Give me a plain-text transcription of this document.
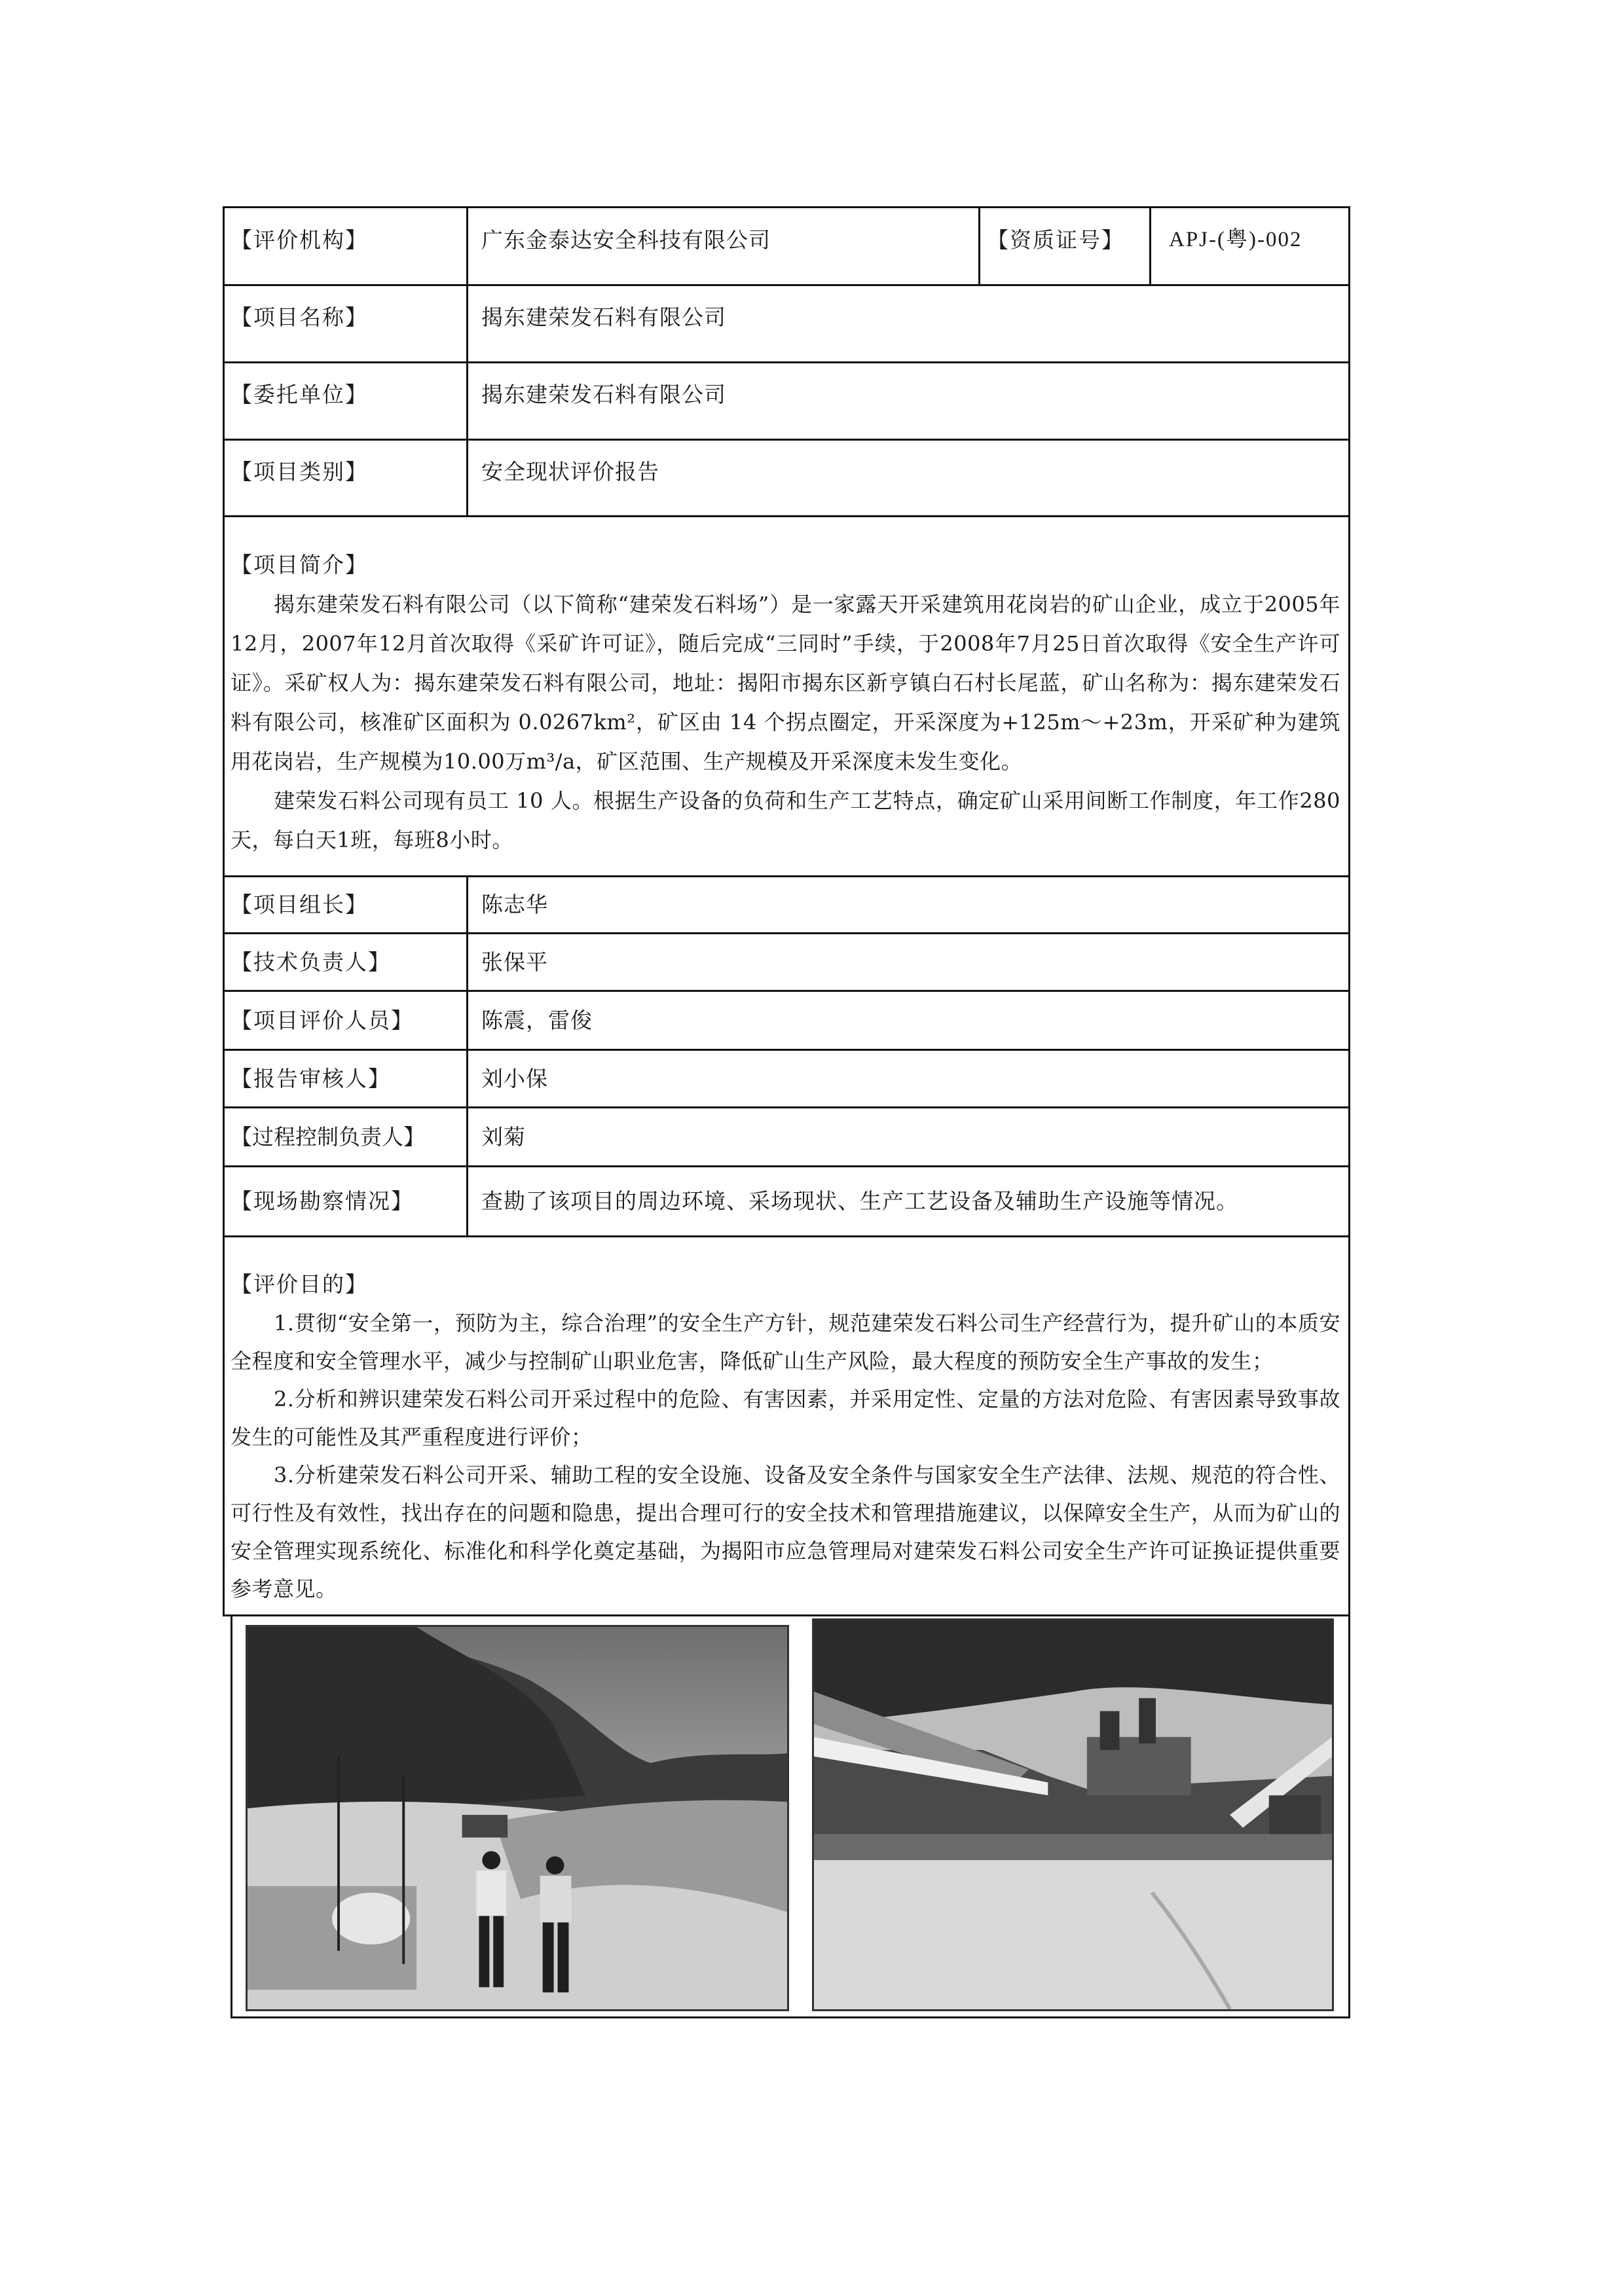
【评价机构】	广东金泰达安全科技有限公司	【资质证号】 APJ-(粤)-002
【项目名称】	揭东建荣发石料有限公司
【委托单位】	揭东建荣发石料有限公司
【项目类别】	安全现状评价报告
【项目简介】

揭东建荣发石料有限公司（以下简称“建荣发石料场”）是一家露天开采建筑用花岗岩的矿山企业，成立于2005年12月，2007年12月首次取得《采矿许可证》，随后完成“三同时”手续，于2008年7月25日首次取得《安全生产许可证》。采矿权人为：揭东建荣发石料有限公司，地址：揭阳市揭东区新亨镇白石村长尾蓝，矿山名称为：揭东建荣发石料有限公司，核准矿区面积为 0.0267km²，矿区由 14 个拐点圈定，开采深度为+125m～+23m，开采矿种为建筑用花岗岩，生产规模为10.00万m³/a，矿区范围、生产规模及开采深度未发生变化。

建荣发石料公司现有员工 10 人。根据生产设备的负荷和生产工艺特点，确定矿山采用间断工作制度，年工作280天，每白天1班，每班8小时。

【项目组长】	陈志华
【技术负责人】	张保平
【项目评价人员】	陈震，雷俊
【报告审核人】	刘小保
【过程控制负责人】	刘菊
【现场勘察情况】	查勘了该项目的周边环境、采场现状、生产工艺设备及辅助生产设施等情况。
【评价目的】

1.贯彻“安全第一，预防为主，综合治理”的安全生产方针，规范建荣发石料公司生产经营行为，提升矿山的本质安全程度和安全管理水平，减少与控制矿山职业危害，降低矿山生产风险，最大程度的预防安全生产事故的发生；

2.分析和辨识建荣发石料公司开采过程中的危险、有害因素，并采用定性、定量的方法对危险、有害因素导致事故发生的可能性及其严重程度进行评价；

3.分析建荣发石料公司开采、辅助工程的安全设施、设备及安全条件与国家安全生产法律、法规、规范的符合性、可行性及有效性，找出存在的问题和隐患，提出合理可行的安全技术和管理措施建议，以保障安全生产，从而为矿山的安全管理实现系统化、标准化和科学化奠定基础，为揭阳市应急管理局对建荣发石料公司安全生产许可证换证提供重要参考意见。
